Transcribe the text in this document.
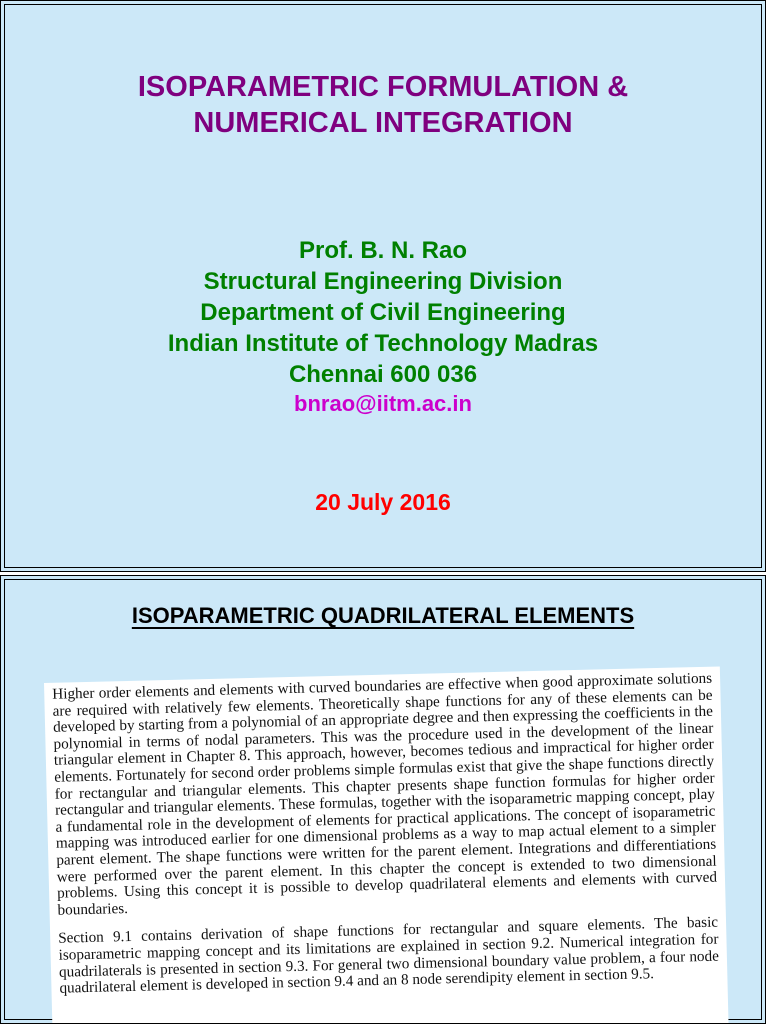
ISOPARAMETRIC FORMULATION &
NUMERICAL INTEGRATION
Prof. B. N. Rao
Structural Engineering Division
Department of Civil Engineering
Indian Institute of Technology Madras
Chennai 600 036
bnrao@iitm.ac.in
20 July 2016
ISOPARAMETRIC QUADRILATERAL ELEMENTS

Higher order elements and elements with curved boundaries are effective when good approximate solutions are required with relatively few elements. Theoretically shape functions for any of these elements can be developed by starting from a polynomial of an appropriate degree and then expressing the coefficients in the polynomial in terms of nodal parameters. This was the procedure used in the development of the linear triangular element in Chapter 8. This approach, however, becomes tedious and impractical for higher order elements. Fortunately for second order problems simple formulas exist that give the shape functions directly for rectangular and triangular elements. This chapter presents shape function formulas for higher order rectangular and triangular elements. These formulas, together with the isoparametric mapping concept, play a fundamental role in the development of elements for practical applications. The concept of isoparametric mapping was introduced earlier for one dimensional problems as a way to map actual element to a simpler parent element. The shape functions were written for the parent element. Integrations and differentiations were performed over the parent element. In this chapter the concept is extended to two dimensional problems. Using this concept it is possible to develop quadrilateral elements and elements with curved boundaries.

Section 9.1 contains derivation of shape functions for rectangular and square elements. The basic isoparametric mapping concept and its limitations are explained in section 9.2. Numerical integration for quadrilaterals is presented in section 9.3. For general two dimensional boundary value problem, a four node quadrilateral element is developed in section 9.4 and an 8 node serendipity element in section 9.5.
